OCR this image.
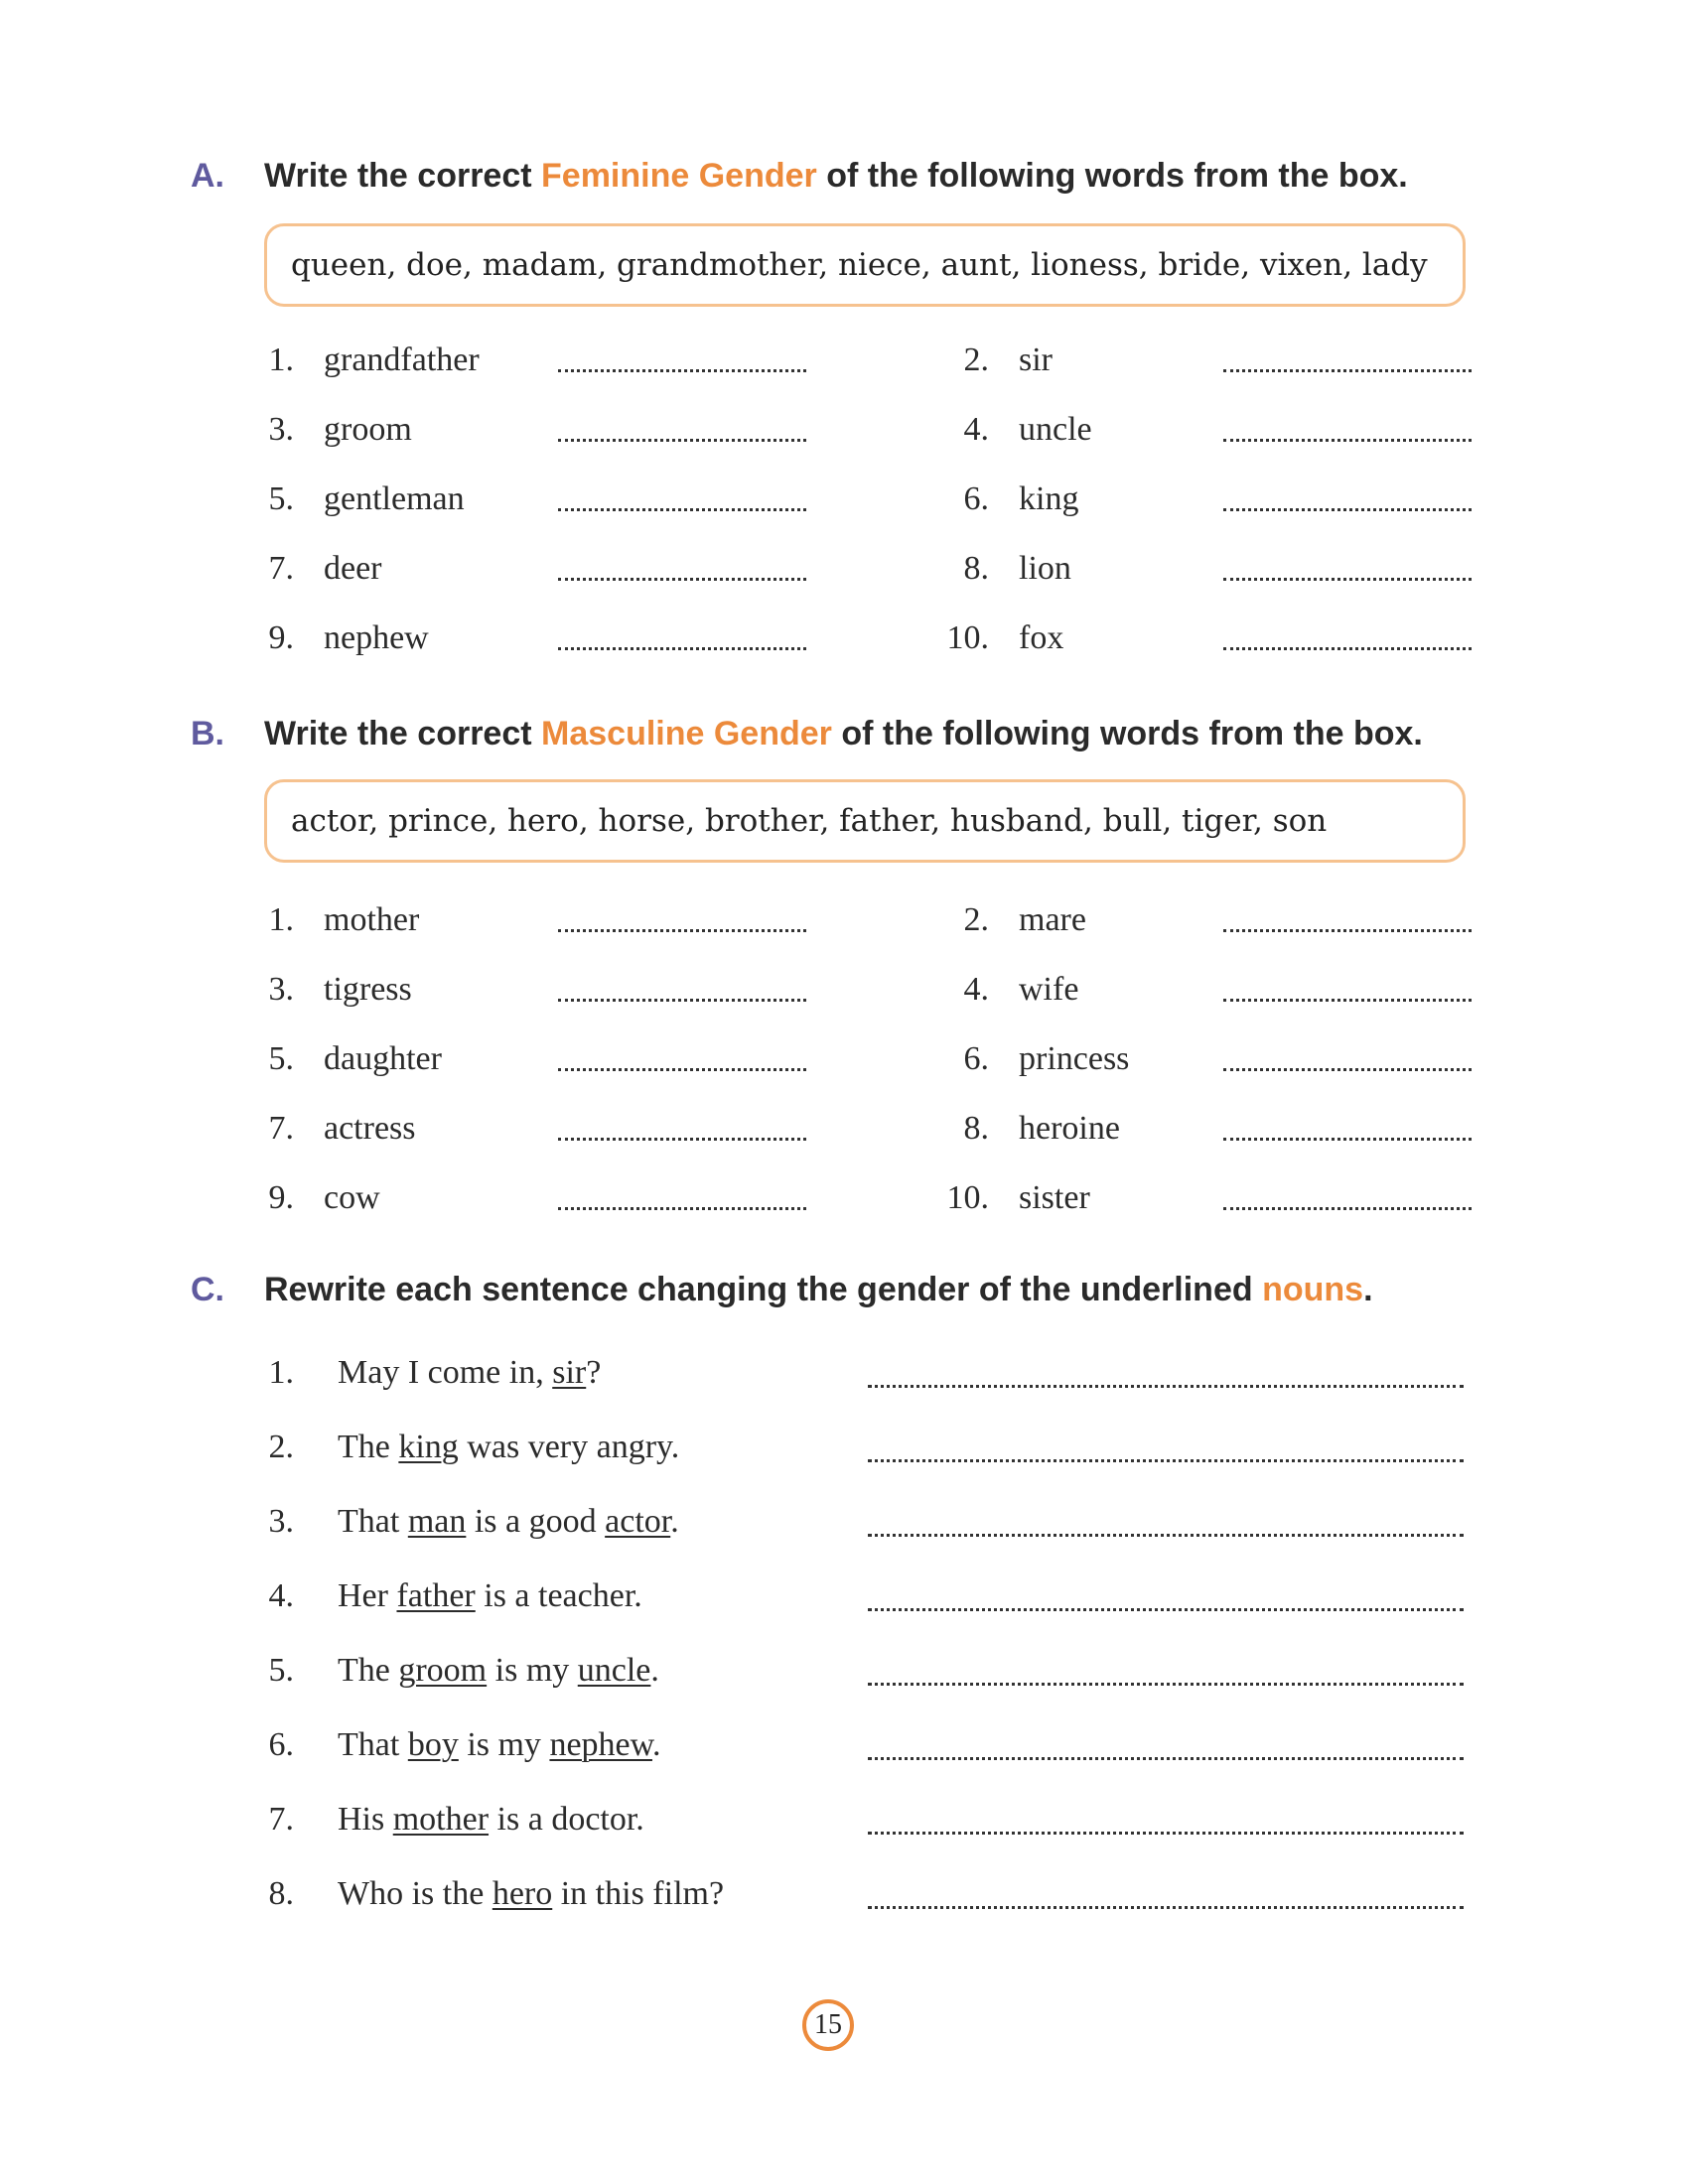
A. Write the correct Feminine Gender of the following words from the box.
queen, doe, madam, grandmother, niece, aunt, lioness, bride, vixen, lady
1. grandfather	2. sir
3. groom	4. uncle
5. gentleman	6. king
7. deer	8. lion
9. nephew	10. fox
B. Write the correct Masculine Gender of the following words from the box.
actor, prince, hero, horse, brother, father, husband, bull, tiger, son
1. mother	2. mare
3. tigress	4. wife
5. daughter	6. princess
7. actress	8. heroine
9. cow	10. sister
C. Rewrite each sentence changing the gender of the underlined nouns.
1. May I come in, sir?
2. The king was very angry.
3. That man is a good actor.
4. Her father is a teacher.
5. The groom is my uncle.
6. That boy is my nephew.
7. His mother is a doctor.
8. Who is the hero in this film?
15
